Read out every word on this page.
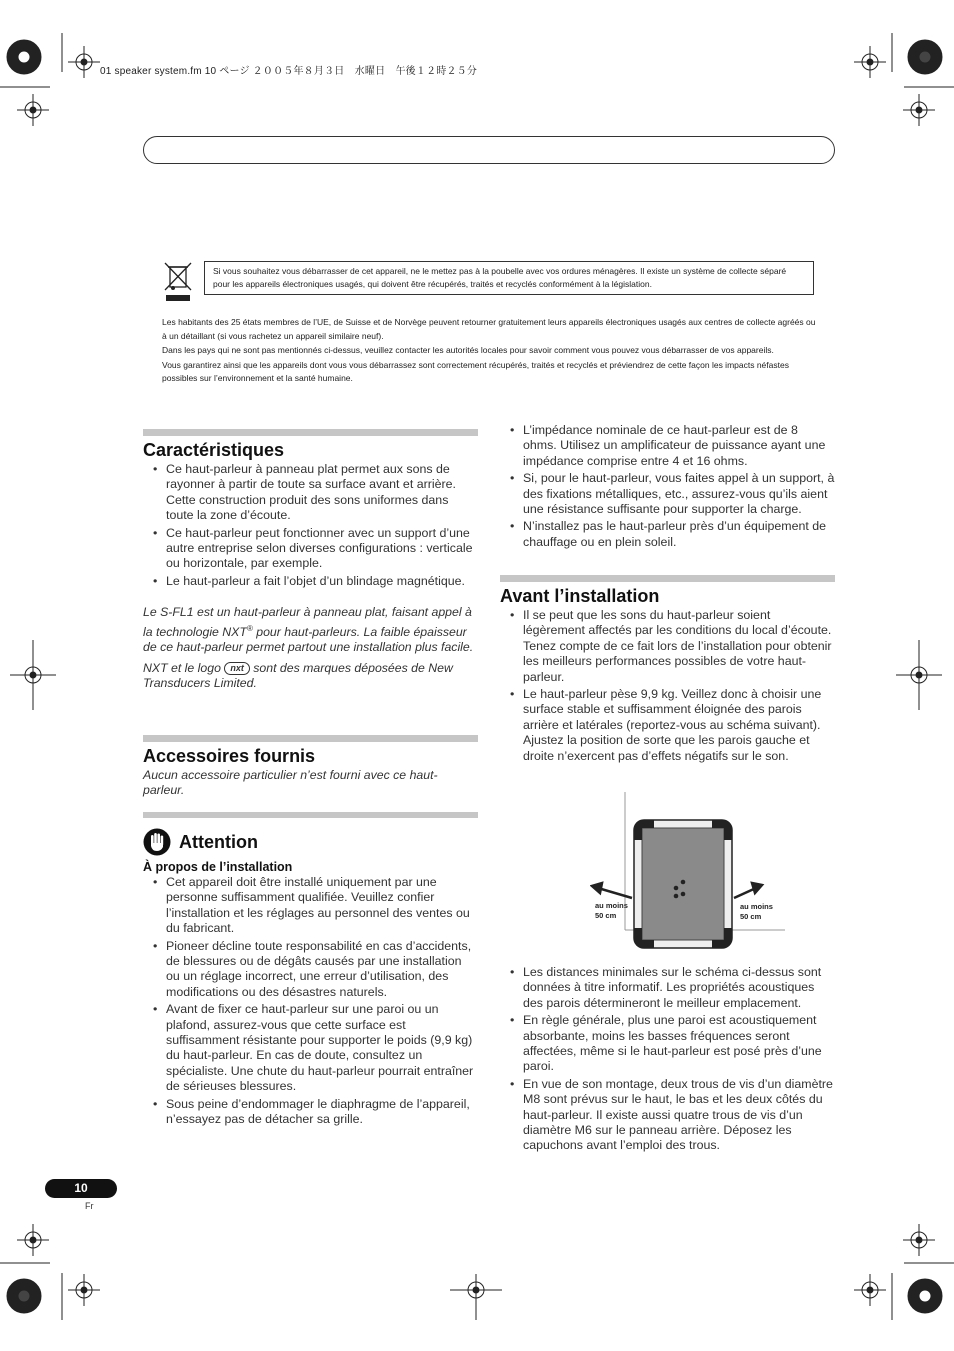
01 speaker system.fm 10 ページ ２００５年８月３日　水曜日　午後１２時２５分
Si vous souhaitez vous débarrasser de cet appareil, ne le mettez pas à la poubelle avec vos ordures ménagères. Il existe un système de collecte séparé pour les appareils électroniques usagés, qui doivent être récupérés, traités et recyclés conformément à la législation.

Les habitants des 25 états membres de l’UE, de Suisse et de Norvège peuvent retourner gratuitement leurs appareils électroniques usagés aux centres de collecte agréés ou à un détaillant (si vous rachetez un appareil similaire neuf).

Dans les pays qui ne sont pas mentionnés ci-dessus, veuillez contacter les autorités locales pour savoir comment vous pouvez vous débarrasser de vos appareils.

Vous garantirez ainsi que les appareils dont vous vous débarrassez sont correctement récupérés, traités et recyclés et préviendrez de cette façon les impacts néfastes possibles sur l’environnement et la santé humaine.

Caractéristiques
• Ce haut-parleur à panneau plat permet aux sons de rayonner à partir de toute sa surface avant et arrière. Cette construction produit des sons uniformes dans toute la zone d’écoute.
• Ce haut-parleur peut fonctionner avec un support d’une autre entreprise selon diverses configurations : verticale ou horizontale, par exemple.
• Le haut-parleur a fait l’objet d’un blindage magnétique.

Le S-FL1 est un haut-parleur à panneau plat, faisant appel à la technologie NXT® pour haut-parleurs. La faible épaisseur de ce haut-parleur permet partout une installation plus facile.

NXT et le logo nxt sont des marques déposées de New Transducers Limited.

Accessoires fournis

Aucun accessoire particulier n’est fourni avec ce haut-parleur.

Attention
À propos de l’installation
• Cet appareil doit être installé uniquement par une personne suffisamment qualifiée. Veuillez confier l’installation et les réglages au personnel des ventes ou du fabricant.
• Pioneer décline toute responsabilité en cas d’accidents, de blessures ou de dégâts causés par une installation ou un réglage incorrect, une erreur d’utilisation, des modifications ou des désastres naturels.
• Avant de fixer ce haut-parleur sur une paroi ou un plafond, assurez-vous que cette surface est suffisamment résistante pour supporter le poids (9,9 kg) du haut-parleur. En cas de doute, consultez un spécialiste. Une chute du haut-parleur pourrait entraîner de sérieuses blessures.
• Sous peine d’endommager le diaphragme de l’appareil, n’essayez pas de détacher sa grille.
• L’impédance nominale de ce haut-parleur est de 8 ohms. Utilisez un amplificateur de puissance ayant une impédance comprise entre 4 et 16 ohms.
• Si, pour le haut-parleur, vous faites appel à un support, à des fixations métalliques, etc., assurez-vous qu’ils aient une résistance suffisante pour supporter la charge.
• N’installez pas le haut-parleur près d’un équipement de chauffage ou en plein soleil.
Avant l’installation
• Il se peut que les sons du haut-parleur soient légèrement affectés par les conditions du local d’écoute. Tenez compte de ce fait lors de l’installation pour obtenir les meilleurs performances possibles de votre haut-parleur.
• Le haut-parleur pèse 9,9 kg. Veillez donc à choisir une surface stable et suffisamment éloignée des parois arrière et latérales (reportez-vous au schéma suivant). Ajustez la position de sorte que les parois gauche et droite n’exercent pas d’effets négatifs sur le son.
au moins
50 cm
au moins
50 cm
• Les distances minimales sur le schéma ci-dessus sont données à titre informatif. Les propriétés acoustiques des parois détermineront le meilleur emplacement.
• En règle générale, plus une paroi est acoustiquement absorbante, moins les basses fréquences seront affectées, même si le haut-parleur est posé près d’une paroi.
• En vue de son montage, deux trous de vis d’un diamètre M8 sont prévus sur le haut, le bas et les deux côtés du haut-parleur. Il existe aussi quatre trous de vis d’un diamètre M6 sur le panneau arrière. Déposez les capuchons avant l’emploi des trous.
10
Fr
